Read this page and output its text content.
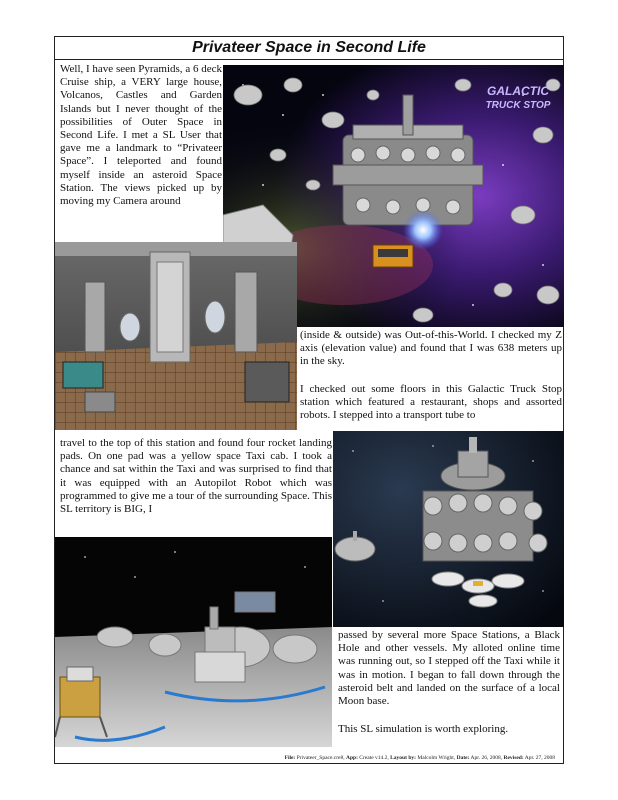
Privateer Space in Second Life
Well, I have seen Pyramids, a 6 deck Cruise ship, a VERY large house, Volcanos, Castles and Garden Islands but I never thought of the possibilities of Outer Space in Second Life. I met a SL User that gave me a landmark to “Privateer Space”. I teleported and found myself inside an asteroid Space Station. The views picked up by moving my Camera around
GALACTIC
TRUCK STOP
(inside & outside) was Out-of-this-World. I checked my Z axis (elevation value) and found that I was 638 meters up in the sky.
I checked out some floors in this Galactic Truck Stop station which featured a restaurant, shops and assorted robots. I stepped into a transport tube to
travel to the top of this station and found four rocket landing pads. On one pad was a yellow space Taxi cab. I took a chance and sat within the Taxi and was surprised to find that it was equipped with an Autopilot Robot which was programmed to give me a tour of the surrounding Space. This SL territory is BIG, I
passed by several more Space Stations, a Black Hole and other vessels. My alloted online time was running out, so I stepped off the Taxi while it was in motion. I began to fall down through the asteroid belt and landed on the surface of a local Moon base.
This SL simulation is worth exploring.
File: Privateer_Space.cre8, App: Create v14.2, Layout by: Malcolm Wright, Date: Apr. 26, 2008, Revised: Apr. 27, 2008
